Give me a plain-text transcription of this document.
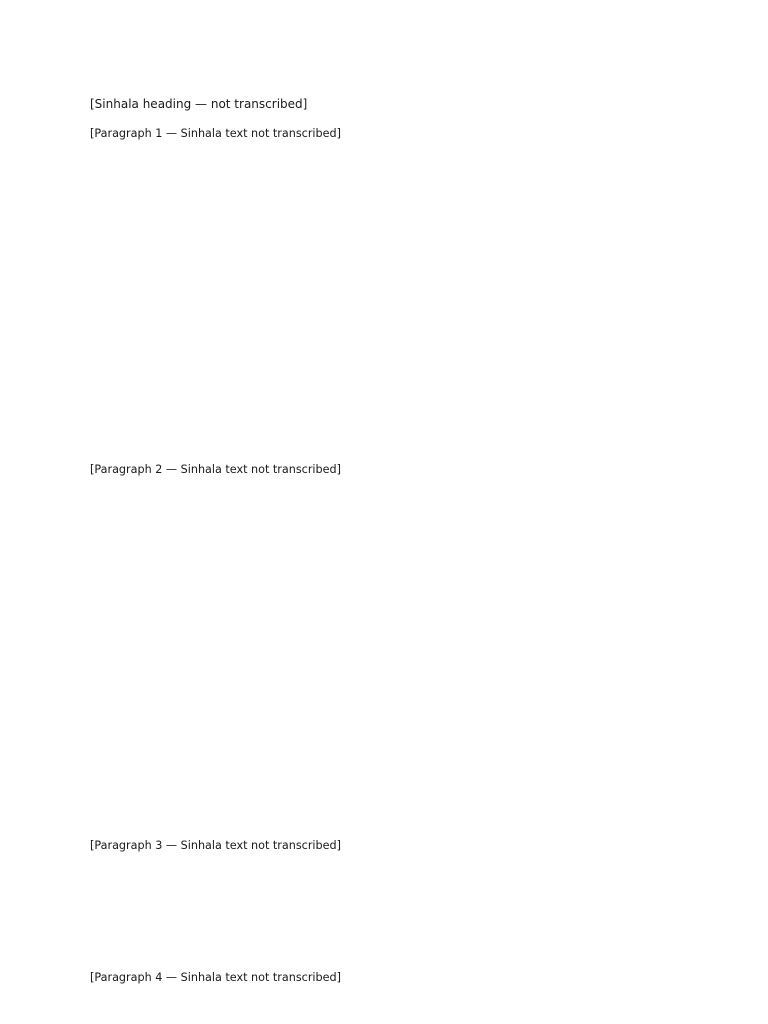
[Sinhala heading — not transcribed]

[Paragraph 1 — Sinhala text not transcribed]

[Paragraph 2 — Sinhala text not transcribed]

[Paragraph 3 — Sinhala text not transcribed]

[Paragraph 4 — Sinhala text not transcribed]
